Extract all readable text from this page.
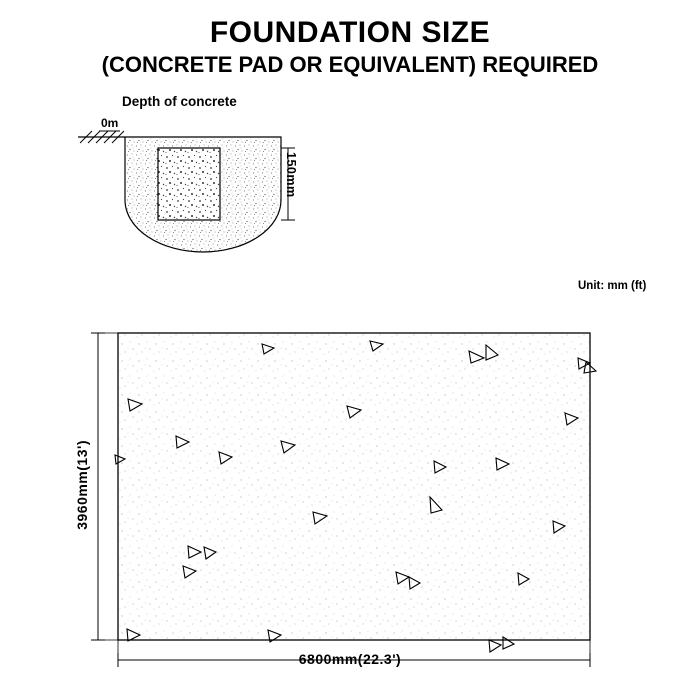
FOUNDATION SIZE
(CONCRETE PAD OR EQUIVALENT) REQUIRED
Depth of concrete
0m
150mm
Unit: mm (ft)
3960mm(13')
6800mm(22.3')
